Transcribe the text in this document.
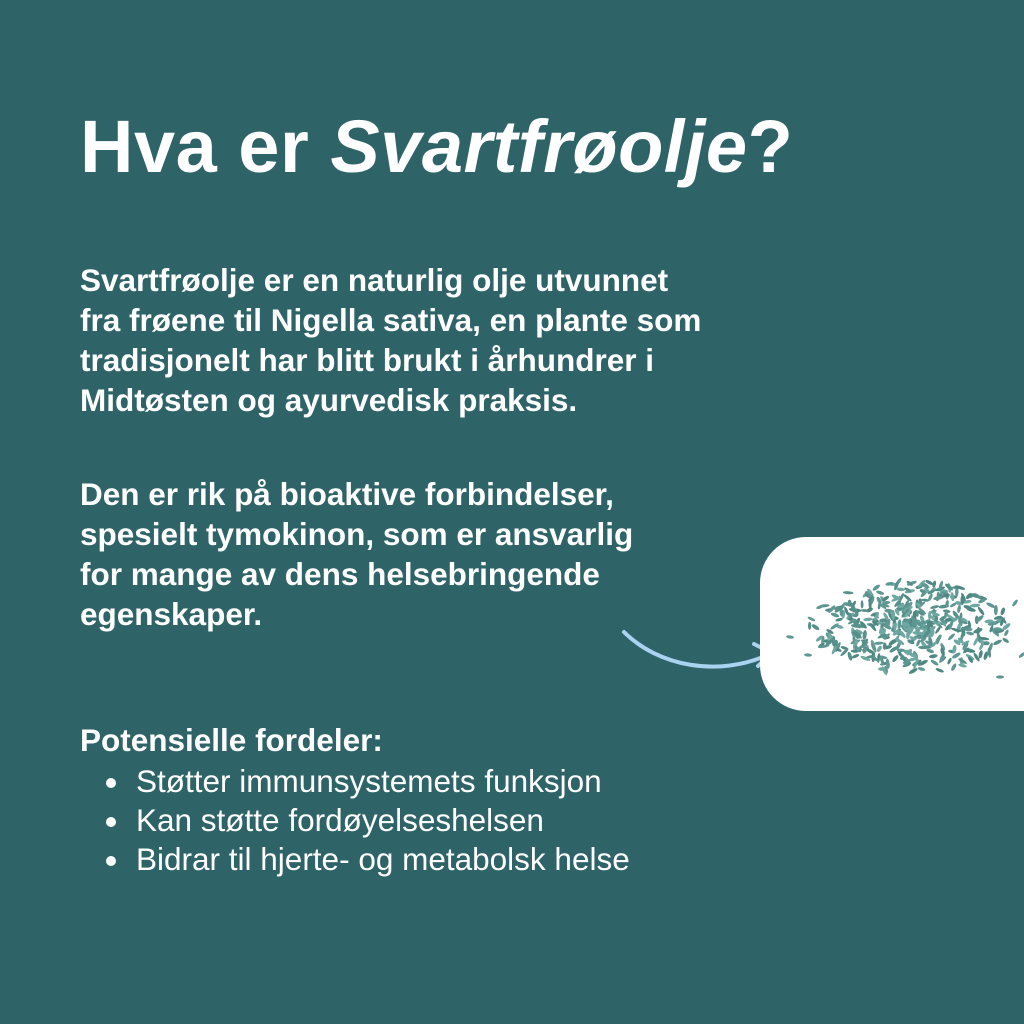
Hva er Svartfrøolje?

Svartfrøolje er en naturlig olje utvunnet
fra frøene til Nigella sativa, en plante som
tradisjonelt har blitt brukt i århundrer i
Midtøsten og ayurvedisk praksis.

Den er rik på bioaktive forbindelser,
spesielt tymokinon, som er ansvarlig
for mange av dens helsebringende
egenskaper.

Potensielle fordeler:
Støtter immunsystemets funksjon
Kan støtte fordøyelseshelsen
Bidrar til hjerte- og metabolsk helse
